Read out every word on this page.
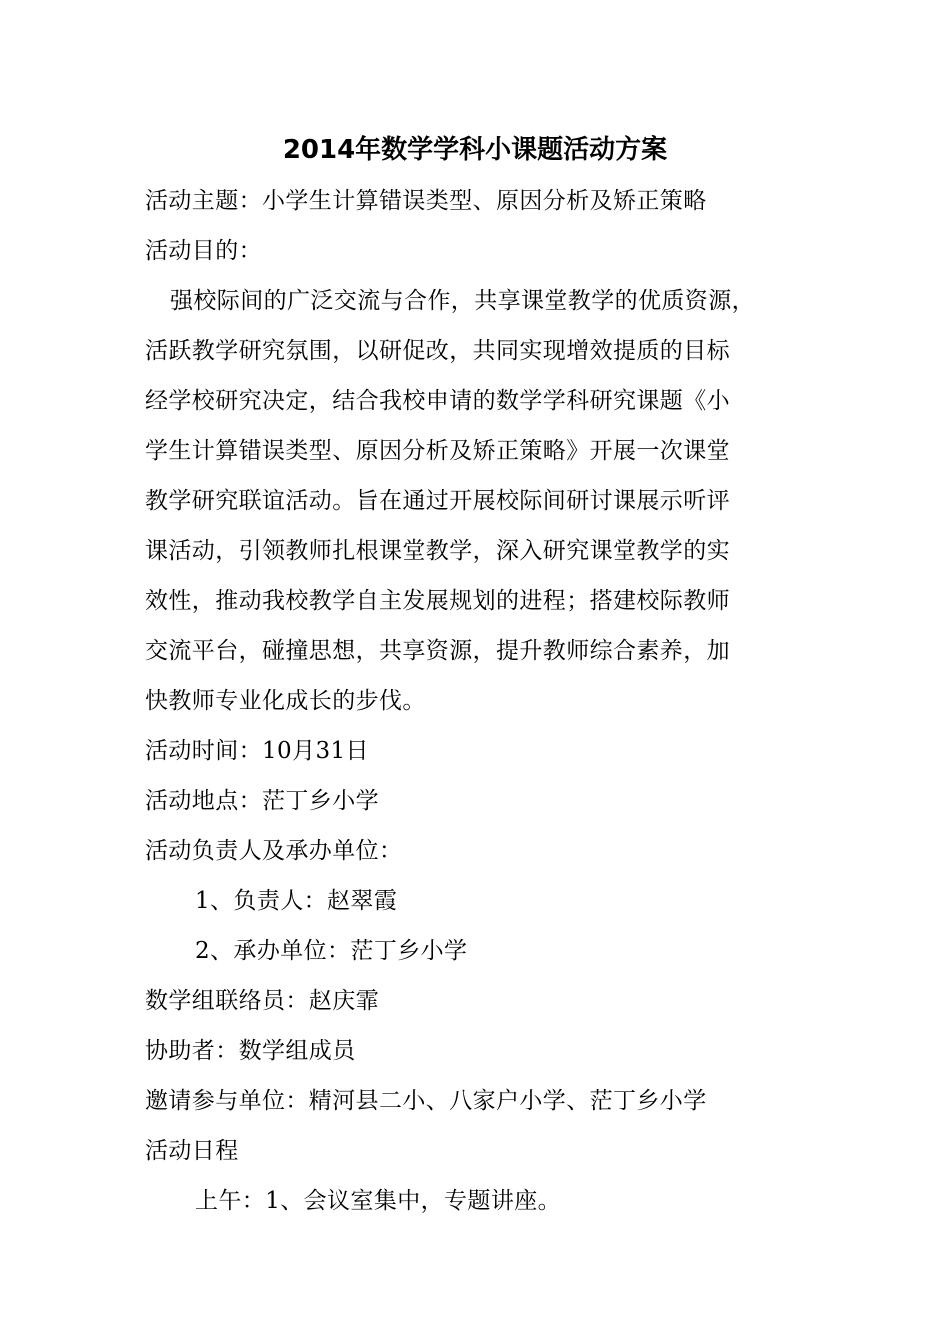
2014年数学学科小课题活动方案
活动主题：小学生计算错误类型、原因分析及矫正策略
活动目的：
强校际间的广泛交流与合作，共享课堂教学的优质资源，
活跃教学研究氛围，以研促改，共同实现增效提质的目标
经学校研究决定，结合我校申请的数学学科研究课题《小
学生计算错误类型、原因分析及矫正策略》开展一次课堂
教学研究联谊活动。旨在通过开展校际间研讨课展示听评
课活动，引领教师扎根课堂教学，深入研究课堂教学的实
效性，推动我校教学自主发展规划的进程；搭建校际教师
交流平台，碰撞思想，共享资源，提升教师综合素养，加
快教师专业化成长的步伐。
活动时间：10月31日
活动地点：茫丁乡小学
活动负责人及承办单位：
1、负责人：赵翠霞
2、承办单位：茫丁乡小学
数学组联络员：赵庆霏
协助者：数学组成员
邀请参与单位：精河县二小、八家户小学、茫丁乡小学
活动日程
上午：1、会议室集中，专题讲座。
